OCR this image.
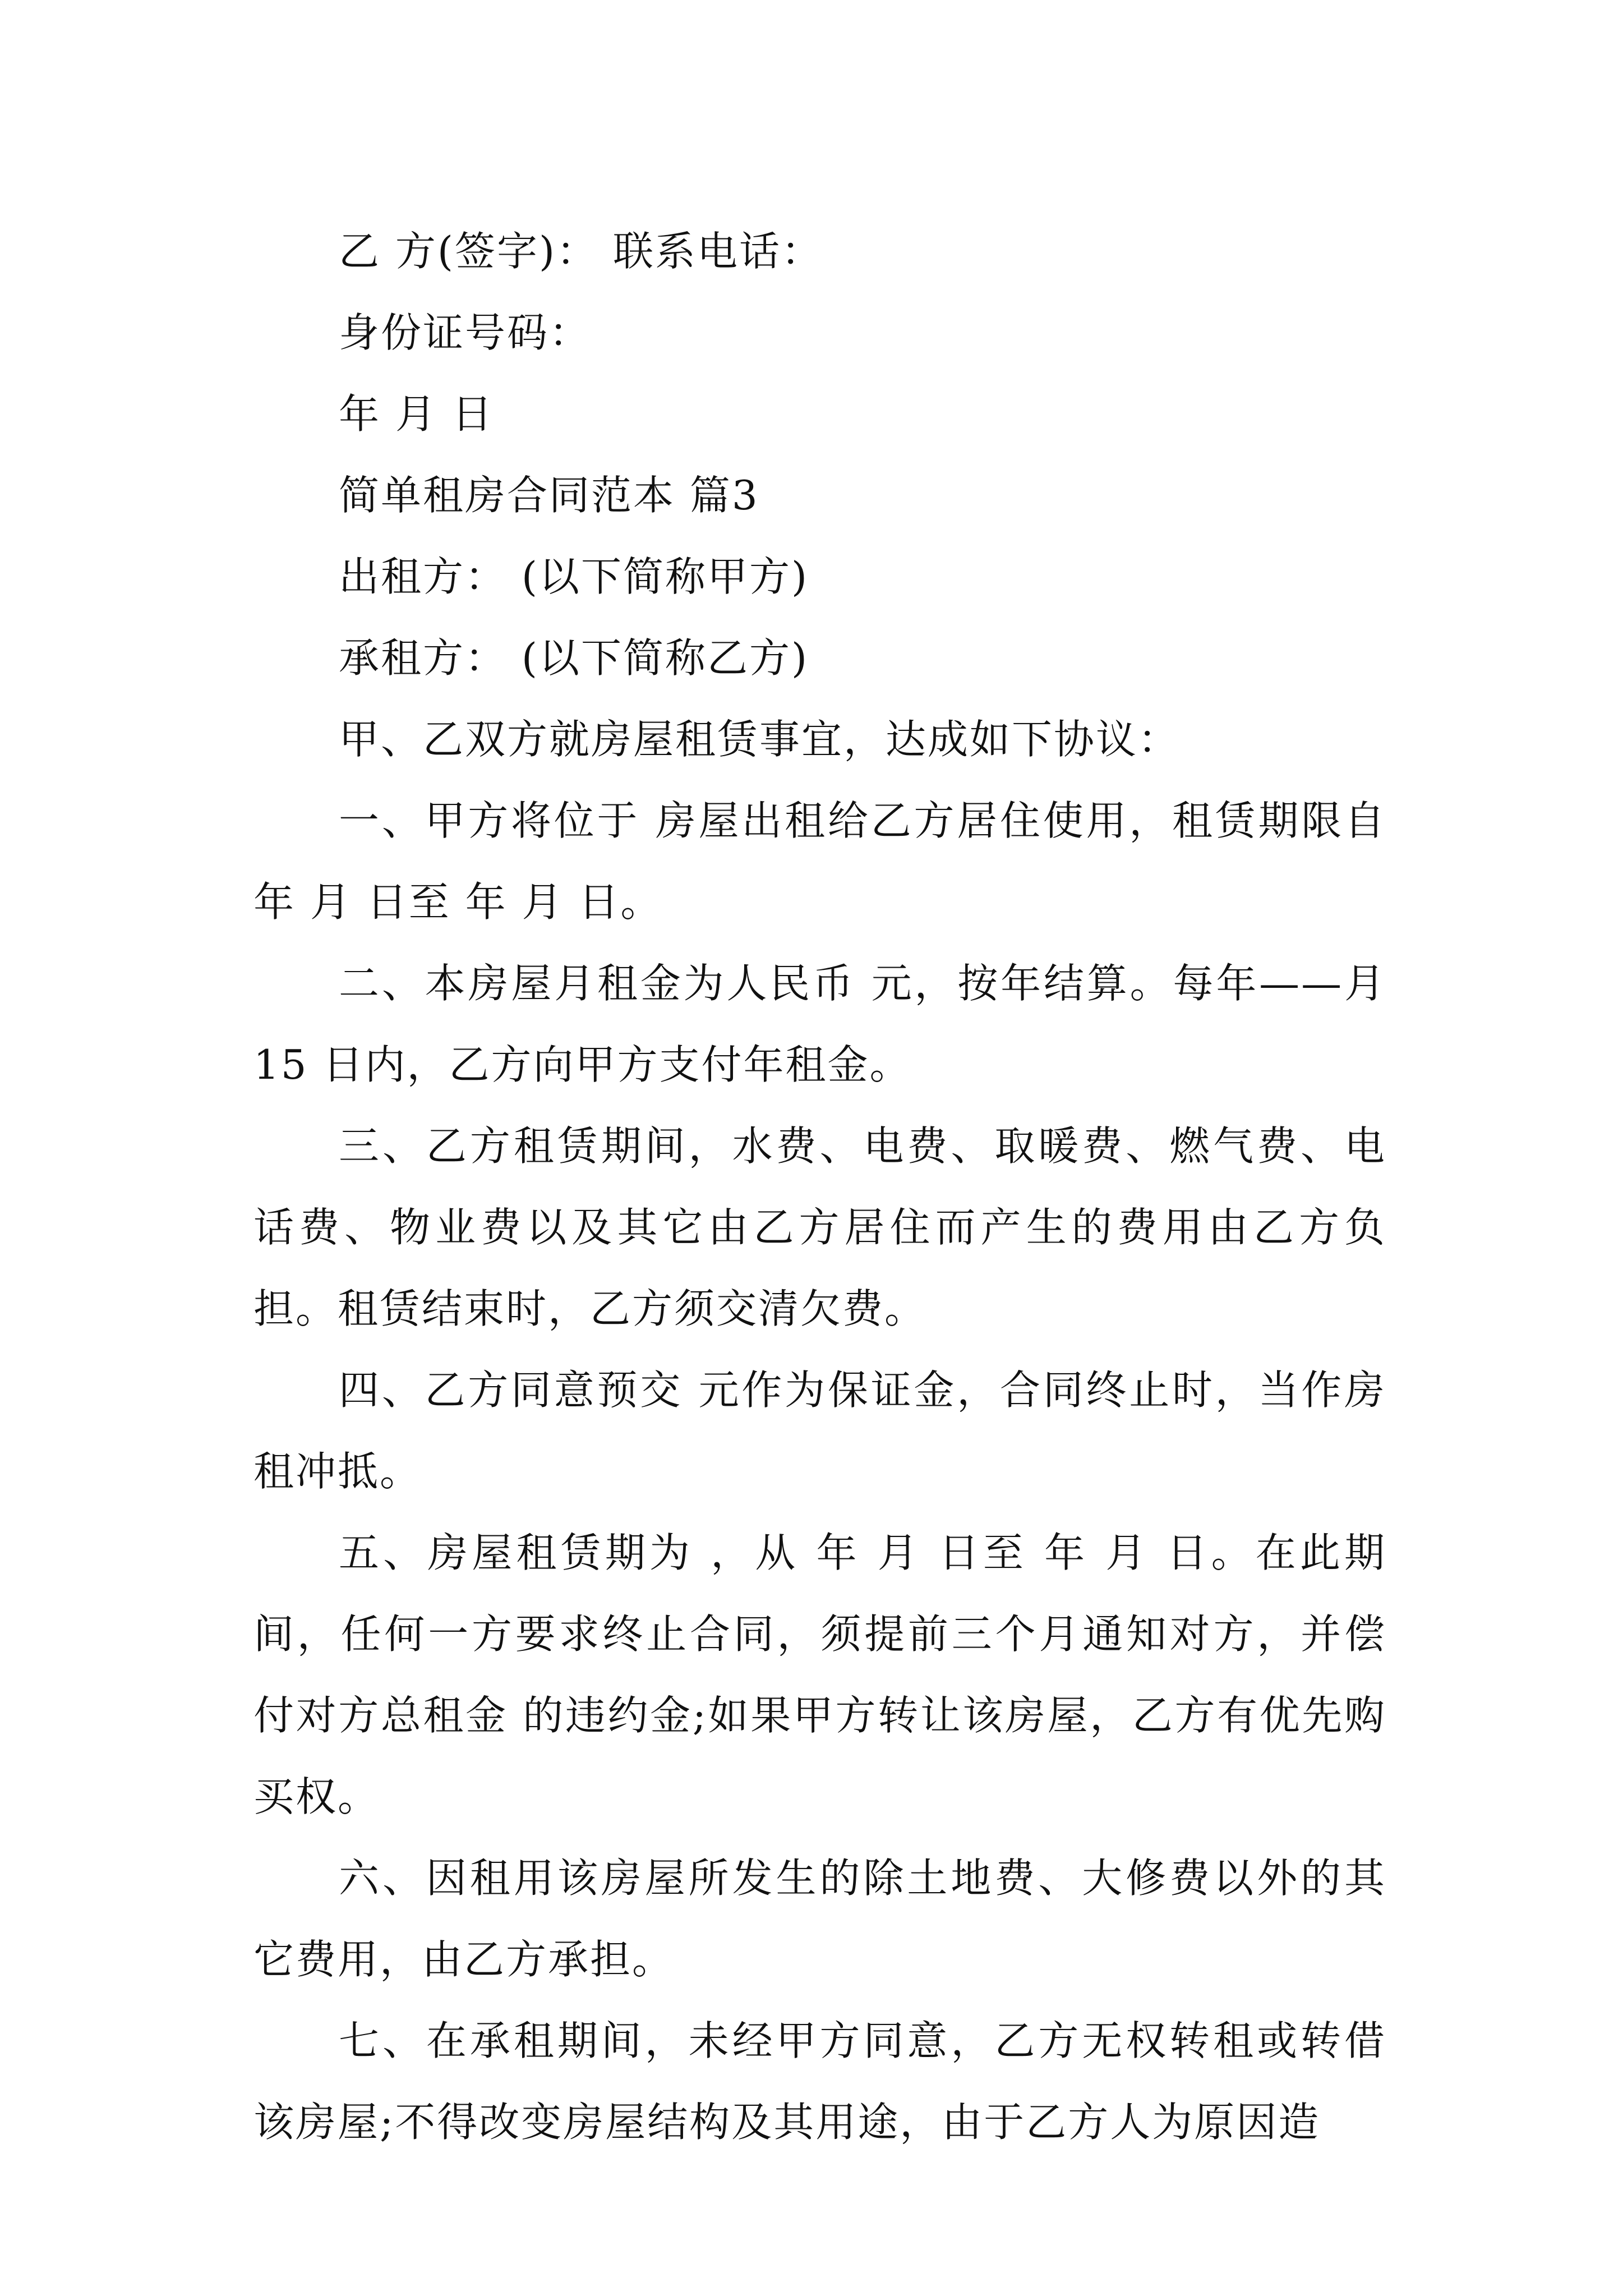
乙 方(签字)： 联系电话：

身份证号码：

年 月 日

简单租房合同范本 篇3

出租方： (以下简称甲方)

承租方： (以下简称乙方)

甲、乙双方就房屋租赁事宜，达成如下协议：

一、甲方将位于 房屋出租给乙方居住使用，租赁期限自 年 月 日至 年 月 日。

二、本房屋月租金为人民币 元，按年结算。每年——月 15 日内，乙方向甲方支付年租金。

三、乙方租赁期间，水费、电费、取暖费、燃气费、电话费、物业费以及其它由乙方居住而产生的费用由乙方负担。租赁结束时，乙方须交清欠费。

四、乙方同意预交 元作为保证金，合同终止时，当作房租冲抵。

五、房屋租赁期为 ，从 年 月 日至 年 月 日。在此期间，任何一方要求终止合同，须提前三个月通知对方，并偿付对方总租金 的违约金;如果甲方转让该房屋，乙方有优先购买权。

六、因租用该房屋所发生的除土地费、大修费以外的其它费用，由乙方承担。

七、在承租期间，未经甲方同意，乙方无权转租或转借该房屋;不得改变房屋结构及其用途，由于乙方人为原因造
